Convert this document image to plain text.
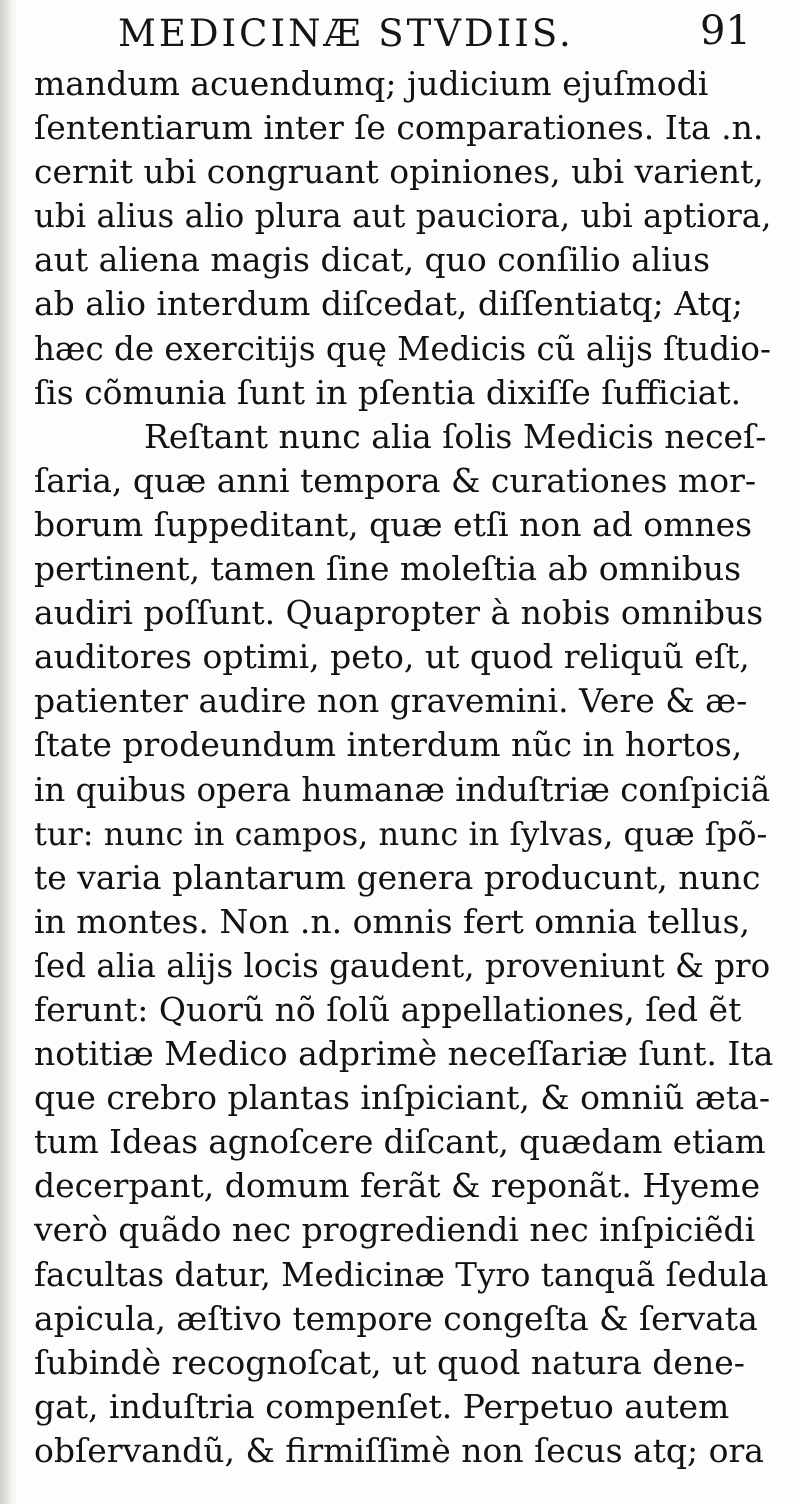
MEDICINÆ STVDIIS.	91
mandum acuendumq; judicium ejuſmodi
ſententiarum inter ſe comparationes. Ita .n.
cernit ubi congruant opiniones, ubi varient,
ubi alius alio plura aut pauciora, ubi aptiora,
aut aliena magis dicat, quo conſilio alius
ab alio interdum diſcedat, diſſentiatq; Atq;
hæc de exercitijs quę Medicis cũ alijs ſtudio-
ſis cõmunia ſunt in pſentia dixiſſe ſufficiat.
Reſtant nunc alia ſolis Medicis neceſ-
ſaria, quæ anni tempora & curationes mor-
borum ſuppeditant, quæ etſi non ad omnes
pertinent, tamen ſine moleſtia ab omnibus
audiri poſſunt. Quapropter à nobis omnibus
auditores optimi, peto, ut quod reliquũ eſt,
patienter audire non gravemini. Vere & æ-
ſtate prodeundum interdum nũc in hortos,
in quibus opera humanæ induſtriæ conſpiciã
tur: nunc in campos, nunc in ſylvas, quæ ſpõ-
te varia plantarum genera producunt, nunc
in montes. Non .n. omnis fert omnia tellus,
ſed alia alijs locis gaudent, proveniunt & pro
ferunt: Quorũ nõ ſolũ appellationes, ſed ẽt
notitiæ Medico adprimè neceſſariæ ſunt. Ita
que crebro plantas inſpiciant, & omniũ æta-
tum Ideas agnoſcere diſcant, quædam etiam
decerpant, domum ferãt & reponãt. Hyeme
verò quãdo nec progrediendi nec inſpiciẽdi
facultas datur, Medicinæ Tyro tanquã ſedula
apicula, æſtivo tempore congeſta & ſervata
ſubindè recognoſcat, ut quod natura dene-
gat, induſtria compenſet. Perpetuo autem
obſervandũ, & firmiſſimè non ſecus atq; ora
